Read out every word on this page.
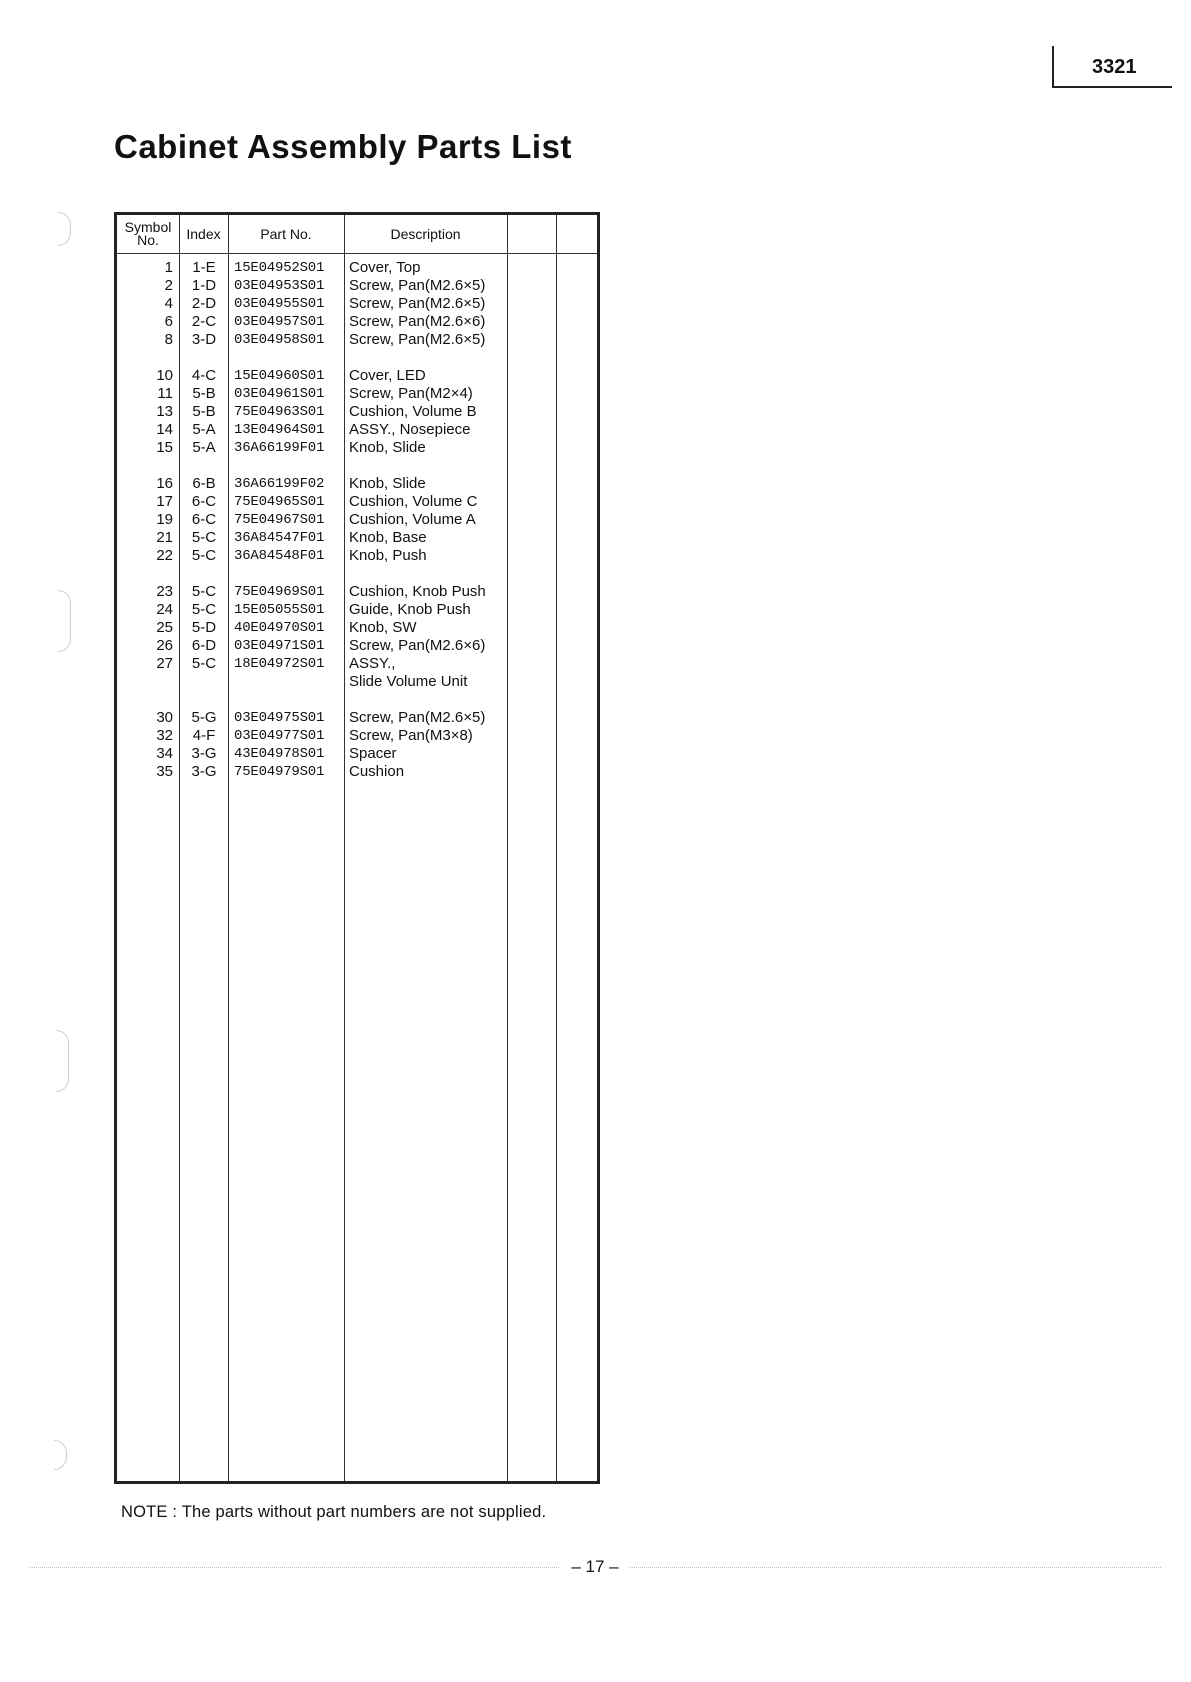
3321
Cabinet Assembly Parts List
Symbol
No.	Index	Part No.	Description
1	1-E	15E04952S01	Cover, Top
2	1-D	03E04953S01	Screw, Pan(M2.6×5)
4	2-D	03E04955S01	Screw, Pan(M2.6×5)
6	2-C	03E04957S01	Screw, Pan(M2.6×6)
8	3-D	03E04958S01	Screw, Pan(M2.6×5)
10	4-C	15E04960S01	Cover, LED
11	5-B	03E04961S01	Screw, Pan(M2×4)
13	5-B	75E04963S01	Cushion, Volume B
14	5-A	13E04964S01	ASSY., Nosepiece
15	5-A	36A66199F01	Knob, Slide
16	6-B	36A66199F02	Knob, Slide
17	6-C	75E04965S01	Cushion, Volume C
19	6-C	75E04967S01	Cushion, Volume A
21	5-C	36A84547F01	Knob, Base
22	5-C	36A84548F01	Knob, Push
23	5-C	75E04969S01	Cushion, Knob Push
24	5-C	15E05055S01	Guide, Knob Push
25	5-D	40E04970S01	Knob, SW
26	6-D	03E04971S01	Screw, Pan(M2.6×6)
27	5-C	18E04972S01	ASSY.,
Slide Volume Unit
30	5-G	03E04975S01	Screw, Pan(M2.6×5)
32	4-F	03E04977S01	Screw, Pan(M3×8)
34	3-G	43E04978S01	Spacer
35	3-G	75E04979S01	Cushion
NOTE : The parts without part numbers are not supplied.
– 17 –
